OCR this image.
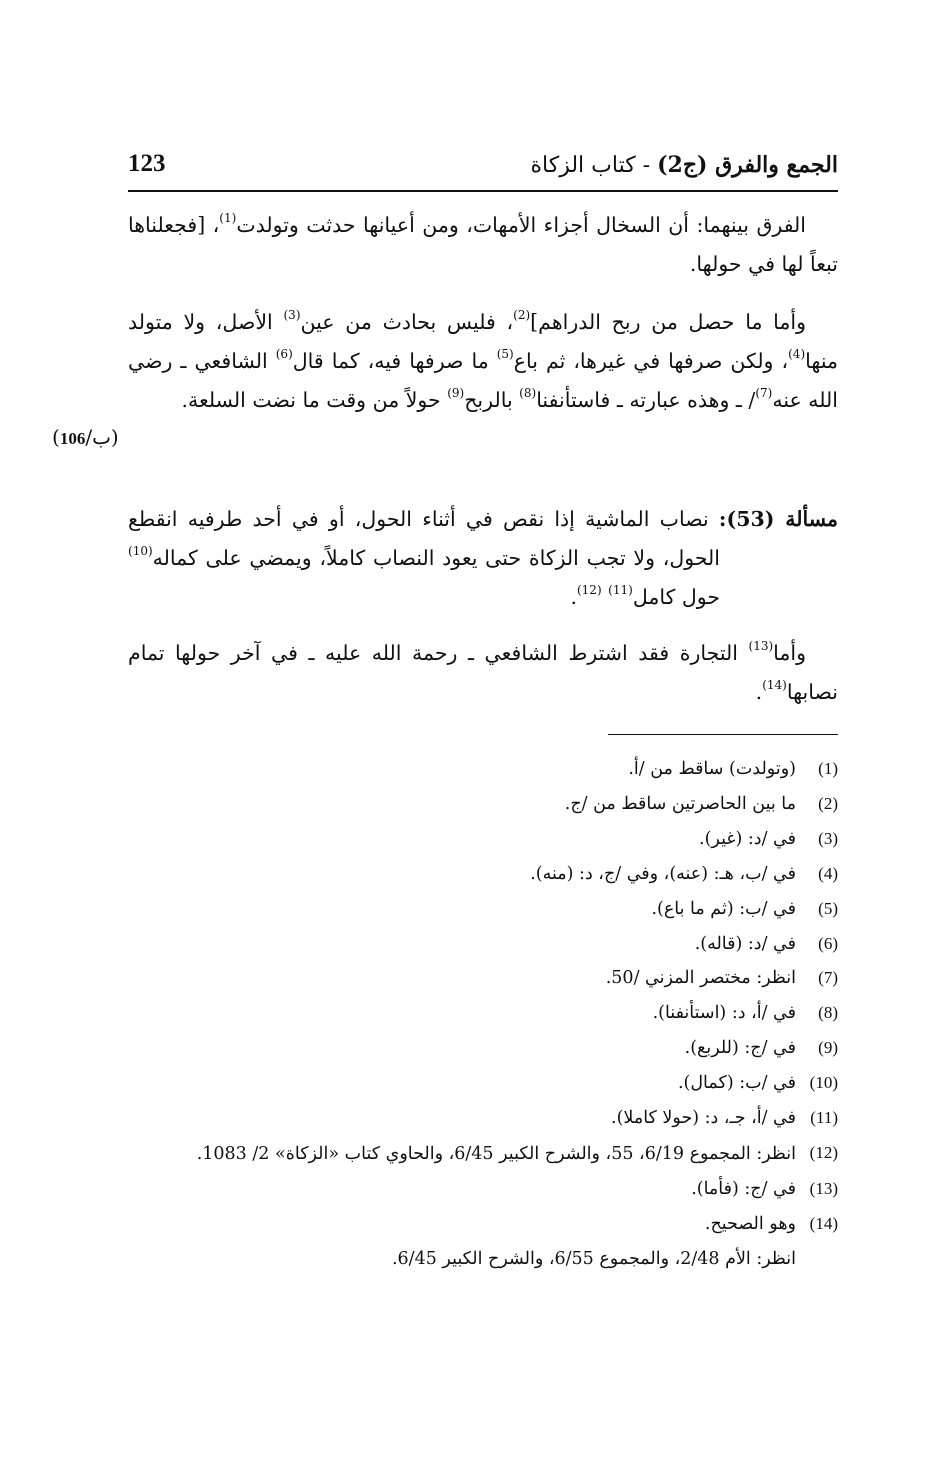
123	الجمع والفرق (ج2) - كتاب الزكاة

الفرق بينهما: أن السخال أجزاء الأمهات، ومن أعيانها حدثت وتولدت$^{(1)}$، [فجعلناها تبعاً لها في حولها.

وأما ما حصل من ربح الدراهم]$^{(2)}$، فليس بحادث من عين$^{(3)}$ الأصل، ولا متولد منها$^{(4)}$، ولكن صرفها في غيرها، ثم باع$^{(5)}$ ما صرفها فيه، كما قال$^{(6)}$ الشافعي ـ رضي الله عنه$^{(7)}$/ ـ وهذه عبارته ـ فاستأنفنا$^{(8)}$ بالربح$^{(9)}$ حولاً من وقت ما نضت السلعة.

(106/ب)

مسألة (53): نصاب الماشية إذا نقص في أثناء الحول، أو في أحد طرفيه انقطع الحول، ولا تجب الزكاة حتى يعود النصاب كاملاً، ويمضي على كماله$^{(10)}$ حول كامل$^{(11)}$ $^{(12)}$.

وأما$^{(13)}$ التجارة فقد اشترط الشافعي ـ رحمة الله عليه ـ في آخر حولها تمام نصابها$^{(14)}$.

(1)
(وتولدت) ساقط من /أ.
(2)
ما بين الحاصرتين ساقط من /ج.
(3)
في /د: (غير).
(4)
في /ب، هـ: (عنه)، وفي /ج، د: (منه).
(5)
في /ب: (ثم ما باع).
(6)
في /د: (قاله).
(7)
انظر: مختصر المزني /50.
(8)
في /أ، د: (استأنفنا).
(9)
في /ج: (للربع).
(10)
في /ب: (كمال).
(11)
في /أ، جـ، د: (حولا كاملا).
(12)
انظر: المجموع 6/19، 55، والشرح الكبير 6/45، والحاوي كتاب «الزكاة» 2/ 1083.
(13)
في /ج: (فأما).
(14)
وهو الصحيح.

انظر: الأم 2/48، والمجموع 6/55، والشرح الكبير 6/45.
